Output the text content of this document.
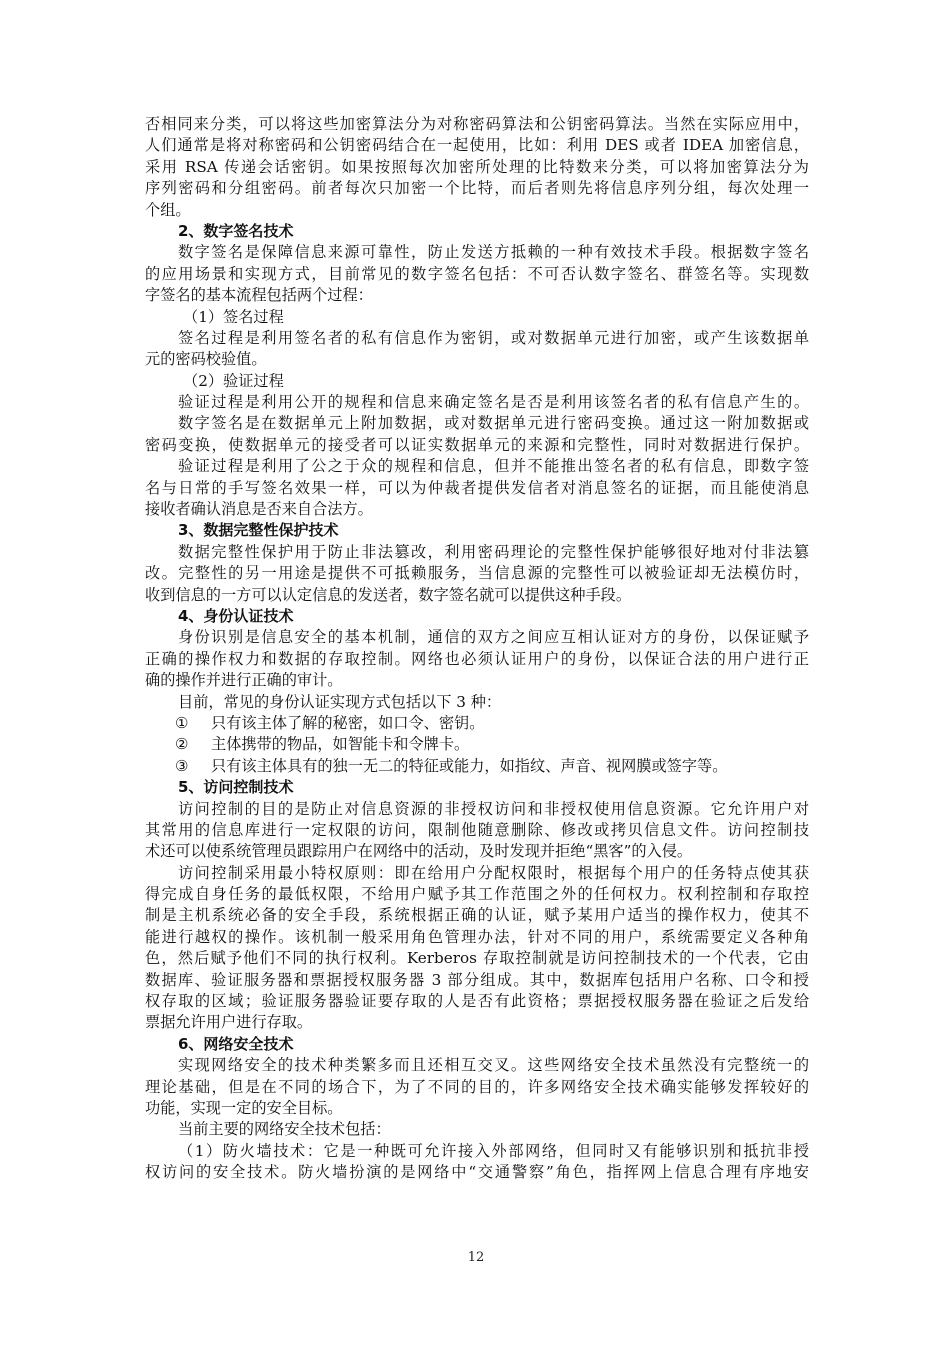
否相同来分类，可以将这些加密算法分为对称密码算法和公钥密码算法。当然在实际应用中，
人们通常是将对称密码和公钥密码结合在一起使用，比如：利用 DES 或者 IDEA 加密信息，
采用 RSA 传递会话密钥。如果按照每次加密所处理的比特数来分类，可以将加密算法分为
序列密码和分组密码。前者每次只加密一个比特，而后者则先将信息序列分组，每次处理一
个组。
2、数字签名技术
数字签名是保障信息来源可靠性，防止发送方抵赖的一种有效技术手段。根据数字签名
的应用场景和实现方式，目前常见的数字签名包括：不可否认数字签名、群签名等。实现数
字签名的基本流程包括两个过程：
（1）签名过程
签名过程是利用签名者的私有信息作为密钥，或对数据单元进行加密，或产生该数据单
元的密码校验值。
（2）验证过程
验证过程是利用公开的规程和信息来确定签名是否是利用该签名者的私有信息产生的。
数字签名是在数据单元上附加数据，或对数据单元进行密码变换。通过这一附加数据或
密码变换，使数据单元的接受者可以证实数据单元的来源和完整性，同时对数据进行保护。
验证过程是利用了公之于众的规程和信息，但并不能推出签名者的私有信息，即数字签
名与日常的手写签名效果一样，可以为仲裁者提供发信者对消息签名的证据，而且能使消息
接收者确认消息是否来自合法方。
3、数据完整性保护技术
数据完整性保护用于防止非法篡改，利用密码理论的完整性保护能够很好地对付非法篡
改。完整性的另一用途是提供不可抵赖服务，当信息源的完整性可以被验证却无法模仿时，
收到信息的一方可以认定信息的发送者，数字签名就可以提供这种手段。
4、身份认证技术
身份识别是信息安全的基本机制，通信的双方之间应互相认证对方的身份，以保证赋予
正确的操作权力和数据的存取控制。网络也必须认证用户的身份，以保证合法的用户进行正
确的操作并进行正确的审计。
目前，常见的身份认证实现方式包括以下 3 种：
① 只有该主体了解的秘密，如口令、密钥。
② 主体携带的物品，如智能卡和令牌卡。
③ 只有该主体具有的独一无二的特征或能力，如指纹、声音、视网膜或签字等。
5、访问控制技术
访问控制的目的是防止对信息资源的非授权访问和非授权使用信息资源。它允许用户对
其常用的信息库进行一定权限的访问，限制他随意删除、修改或拷贝信息文件。访问控制技
术还可以使系统管理员跟踪用户在网络中的活动，及时发现并拒绝“黑客”的入侵。
访问控制采用最小特权原则：即在给用户分配权限时，根据每个用户的任务特点使其获
得完成自身任务的最低权限，不给用户赋予其工作范围之外的任何权力。权利控制和存取控
制是主机系统必备的安全手段，系统根据正确的认证，赋予某用户适当的操作权力，使其不
能进行越权的操作。该机制一般采用角色管理办法，针对不同的用户，系统需要定义各种角
色，然后赋予他们不同的执行权利。Kerberos 存取控制就是访问控制技术的一个代表，它由
数据库、验证服务器和票据授权服务器 3 部分组成。其中，数据库包括用户名称、口令和授
权存取的区域；验证服务器验证要存取的人是否有此资格；票据授权服务器在验证之后发给
票据允许用户进行存取。
6、网络安全技术
实现网络安全的技术种类繁多而且还相互交叉。这些网络安全技术虽然没有完整统一的
理论基础，但是在不同的场合下，为了不同的目的，许多网络安全技术确实能够发挥较好的
功能，实现一定的安全目标。
当前主要的网络安全技术包括：
（1）防火墙技术：它是一种既可允许接入外部网络，但同时又有能够识别和抵抗非授
权访问的安全技术。防火墙扮演的是网络中“交通警察”角色，指挥网上信息合理有序地安
12
